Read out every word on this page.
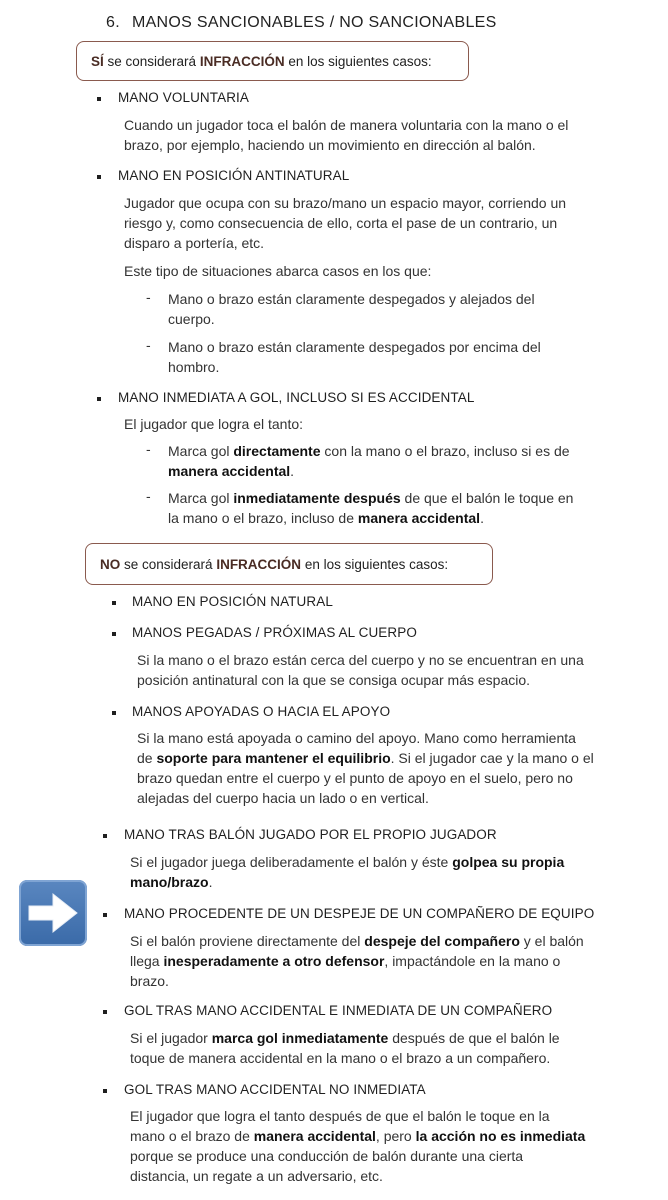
6. MANOS SANCIONABLES / NO SANCIONABLES
SÍ se considerará INFRACCIÓN en los siguientes casos:
MANO VOLUNTARIA
Cuando un jugador toca el balón de manera voluntaria con la mano o el
brazo, por ejemplo, haciendo un movimiento en dirección al balón.
MANO EN POSICIÓN ANTINATURAL
Jugador que ocupa con su brazo/mano un espacio mayor, corriendo un
riesgo y, como consecuencia de ello, corta el pase de un contrario, un
disparo a portería, etc.
Este tipo de situaciones abarca casos en los que:
- Mano o brazo están claramente despegados y alejados del
cuerpo.
- Mano o brazo están claramente despegados por encima del
hombro.
MANO INMEDIATA A GOL, INCLUSO SI ES ACCIDENTAL
El jugador que logra el tanto:
- Marca gol directamente con la mano o el brazo, incluso si es de
manera accidental.
- Marca gol inmediatamente después de que el balón le toque en
la mano o el brazo, incluso de manera accidental.
NO se considerará INFRACCIÓN en los siguientes casos:
MANO EN POSICIÓN NATURAL
MANOS PEGADAS / PRÓXIMAS AL CUERPO
Si la mano o el brazo están cerca del cuerpo y no se encuentran en una
posición antinatural con la que se consiga ocupar más espacio.
MANOS APOYADAS O HACIA EL APOYO
Si la mano está apoyada o camino del apoyo. Mano como herramienta
de soporte para mantener el equilibrio. Si el jugador cae y la mano o el
brazo quedan entre el cuerpo y el punto de apoyo en el suelo, pero no
alejadas del cuerpo hacia un lado o en vertical.
MANO TRAS BALÓN JUGADO POR EL PROPIO JUGADOR
Si el jugador juega deliberadamente el balón y éste golpea su propia
mano/brazo.
MANO PROCEDENTE DE UN DESPEJE DE UN COMPAÑERO DE EQUIPO
Si el balón proviene directamente del despeje del compañero y el balón
llega inesperadamente a otro defensor, impactándole en la mano o
brazo.
GOL TRAS MANO ACCIDENTAL E INMEDIATA DE UN COMPAÑERO
Si el jugador marca gol inmediatamente después de que el balón le
toque de manera accidental en la mano o el brazo a un compañero.
GOL TRAS MANO ACCIDENTAL NO INMEDIATA
El jugador que logra el tanto después de que el balón le toque en la
mano o el brazo de manera accidental, pero la acción no es inmediata
porque se produce una conducción de balón durante una cierta
distancia, un regate a un adversario, etc.
